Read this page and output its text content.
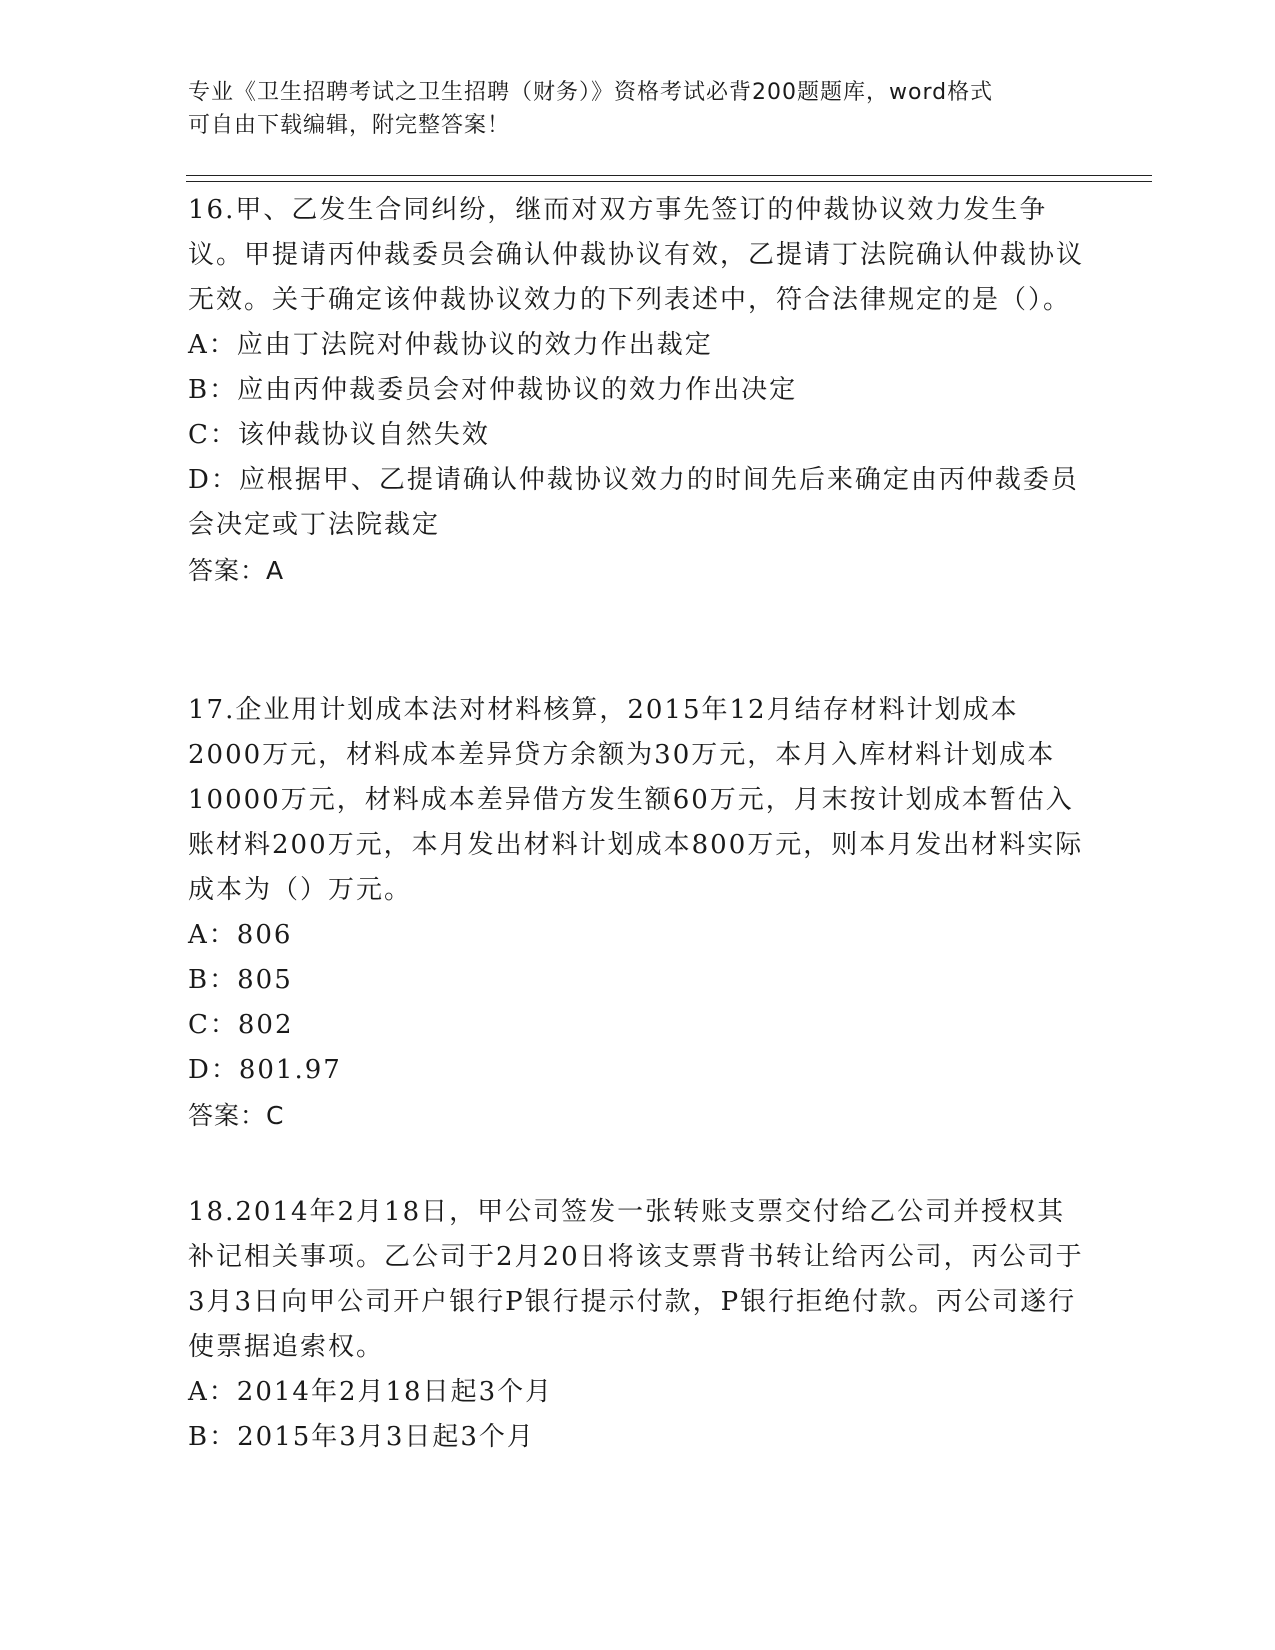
专业《卫生招聘考试之卫生招聘（财务）》资格考试必背200题题库，word格式
可自由下载编辑，附完整答案！

16.甲、乙发生合同纠纷，继而对双方事先签订的仲裁协议效力发生争议。甲提请丙仲裁委员会确认仲裁协议有效，乙提请丁法院确认仲裁协议无效。关于确定该仲裁协议效力的下列表述中，符合法律规定的是（）。

A：应由丁法院对仲裁协议的效力作出裁定

B：应由丙仲裁委员会对仲裁协议的效力作出决定

C：该仲裁协议自然失效

D：应根据甲、乙提请确认仲裁协议效力的时间先后来确定由丙仲裁委员会决定或丁法院裁定

答案：A

17.企业用计划成本法对材料核算，2015年12月结存材料计划成本2000万元，材料成本差异贷方余额为30万元，本月入库材料计划成本10000万元，材料成本差异借方发生额60万元，月末按计划成本暂估入账材料200万元，本月发出材料计划成本800万元，则本月发出材料实际成本为（）万元。

A：806

B：805

C：802

D：801.97

答案：C

18.2014年2月18日，甲公司签发一张转账支票交付给乙公司并授权其补记相关事项。乙公司于2月20日将该支票背书转让给丙公司，丙公司于3月3日向甲公司开户银行P银行提示付款，P银行拒绝付款。丙公司遂行使票据追索权。

A：2014年2月18日起3个月

B：2015年3月3日起3个月
